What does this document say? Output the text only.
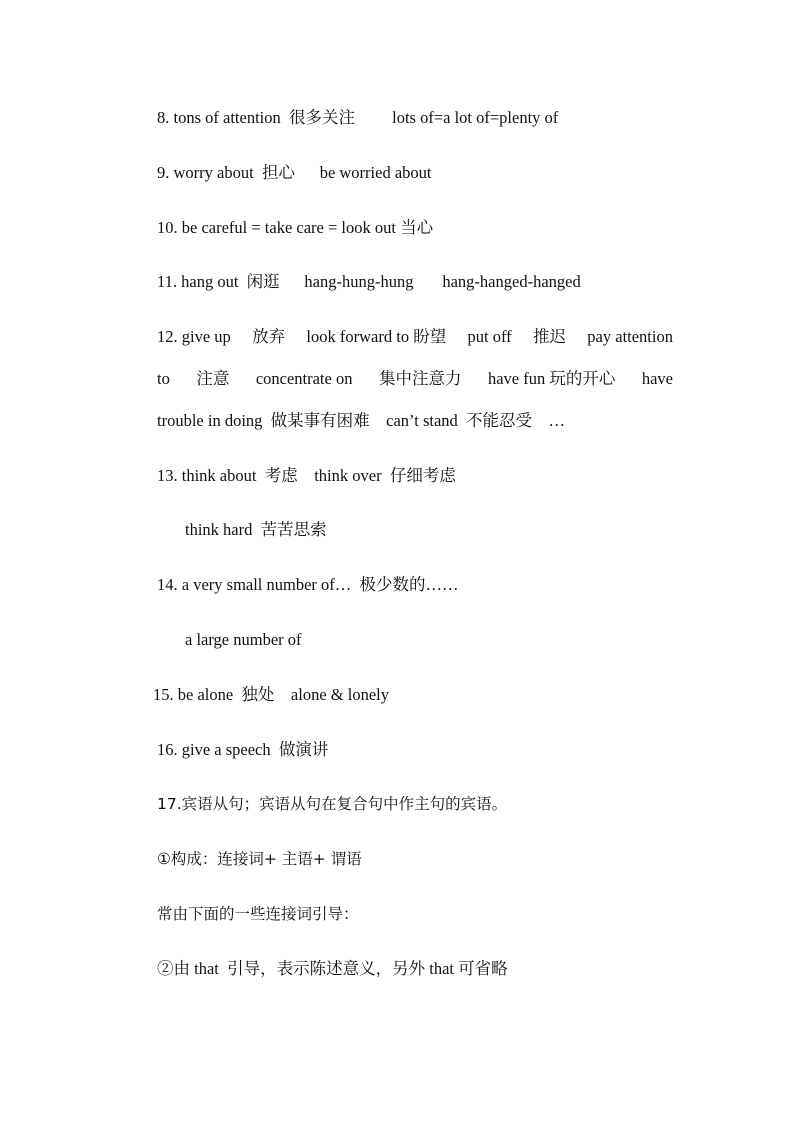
8. tons of attention  很多关注         lots of=a lot of=plenty of
9. worry about  担心      be worried about
10. be careful = take care = look out 当心
11. hang out  闲逛      hang-hung-hung       hang-hanged-hanged
12. give up 放弃 look forward to 盼望 put off 推迟 pay attention
to 注意 concentrate on 集中注意力 have fun 玩的开心 have
trouble in doing  做某事有困难    can’t stand  不能忍受    …
13. think about  考虑    think over  仔细考虑
think hard  苦苦思索
14. a very small number of…  极少数的……
a large number of
15. be alone  独处    alone & lonely
16. give a speech  做演讲
17.宾语从句；宾语从句在复合句中作主句的宾语。
①构成：连接词+ 主语+ 谓语
常由下面的一些连接词引导：
②由 that  引导，表示陈述意义，另外 that 可省略
